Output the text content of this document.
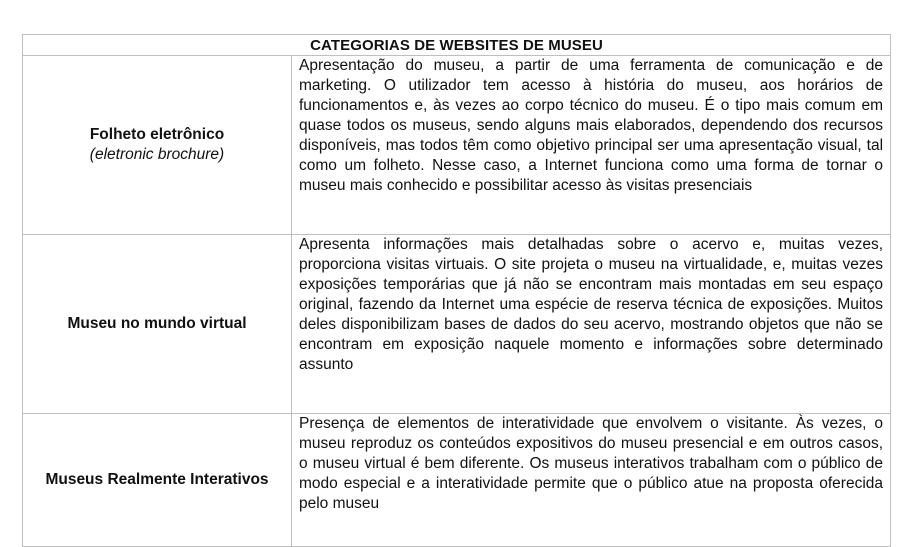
CATEGORIAS DE WEBSITES DE MUSEU	

Folheto eletrônico
(eletronic brochure)	Apresentação do museu, a partir de uma ferramenta de comunicação e de marketing. O utilizador tem acesso à história do museu, aos horários de funcionamentos e, às vezes ao corpo técnico do museu. É o tipo mais comum em quase todos os museus, sendo alguns mais elaborados, dependendo dos recursos disponíveis, mas todos têm como objetivo principal ser uma apresentação visual, tal como um folheto. Nesse caso, a Internet funciona como uma forma de tornar o museu mais conhecido e possibilitar acesso às visitas presenciais

Museu no mundo virtual	Apresenta informações mais detalhadas sobre o acervo e, muitas vezes, proporciona visitas virtuais. O site projeta o museu na virtualidade, e, muitas vezes exposições temporárias que já não se encontram mais montadas em seu espaço original, fazendo da Internet uma espécie de reserva técnica de exposições. Muitos deles disponibilizam bases de dados do seu acervo, mostrando objetos que não se encontram em exposição naquele momento e informações sobre determinado assunto

Museus Realmente Interativos	Presença de elementos de interatividade que envolvem o visitante. Às vezes, o museu reproduz os conteúdos expositivos do museu presencial e em outros casos, o museu virtual é bem diferente. Os museus interativos trabalham com o público de modo especial e a interatividade permite que o público atue na proposta oferecida pelo museu
